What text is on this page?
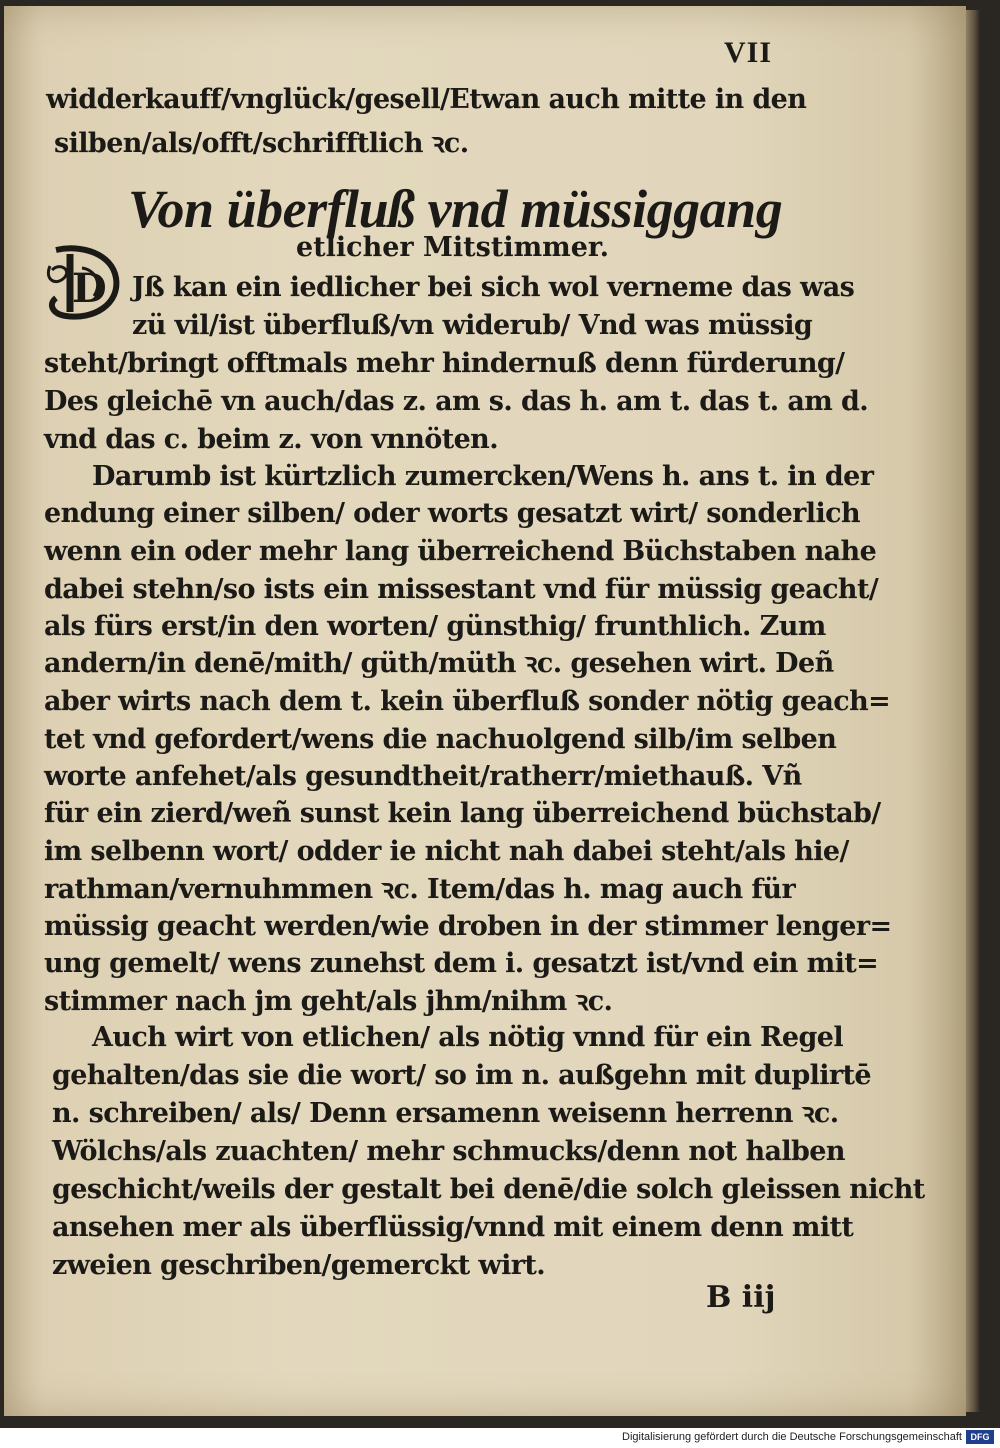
VII
widderkauff/vnglück/gesell/Etwan auch mitte in den
silben/als/offt/schrifftlich ꝛc.
Von überfluß vnd müssiggang
etlicher Mitstimmer.
D Jß kan ein iedlicher bei sich wol verneme das was
zü vil/ist überfluß/vn widerub/ Vnd was müssig
steht/bringt offtmals mehr hindernuß denn fürderung/
Des gleichē vn auch/das z. am s. das h. am t. das t. am d.
vnd das c. beim z. von vnnöten.
Darumb ist kürtzlich zumercken/Wens h. ans t. in der
endung einer silben/ oder worts gesatzt wirt/ sonderlich
wenn ein oder mehr lang überreichend Büchstaben nahe
dabei stehn/so ists ein missestant vnd für müssig geacht/
als fürs erst/in den worten/ günsthig/ frunthlich. Zum
andern/in denē/mith/ güth/müth ꝛc. gesehen wirt. Deñ
aber wirts nach dem t. kein überfluß sonder nötig geach=
tet vnd gefordert/wens die nachuolgend silb/im selben
worte anfehet/als gesundtheit/ratherr/miethauß. Vñ
für ein zierd/weñ sunst kein lang überreichend büchstab/
im selbenn wort/ odder ie nicht nah dabei steht/als hie/
rathman/vernuhmmen ꝛc. Item/das h. mag auch für
müssig geacht werden/wie droben in der stimmer lenger=
ung gemelt/ wens zunehst dem i. gesatzt ist/vnd ein mit=
stimmer nach jm geht/als jhm/nihm ꝛc.
Auch wirt von etlichen/ als nötig vnnd für ein Regel
gehalten/das sie die wort/ so im n. außgehn mit duplirtē
n. schreiben/ als/ Denn ersamenn weisenn herrenn ꝛc.
Wölchs/als zuachten/ mehr schmucks/denn not halben
geschicht/weils der gestalt bei denē/die solch gleissen nicht
ansehen mer als überflüssig/vnnd mit einem denn mitt
zweien geschriben/gemerckt wirt.
B iij
Digitalisierung gefördert durch die Deutsche Forschungsgemeinschaft DFG
